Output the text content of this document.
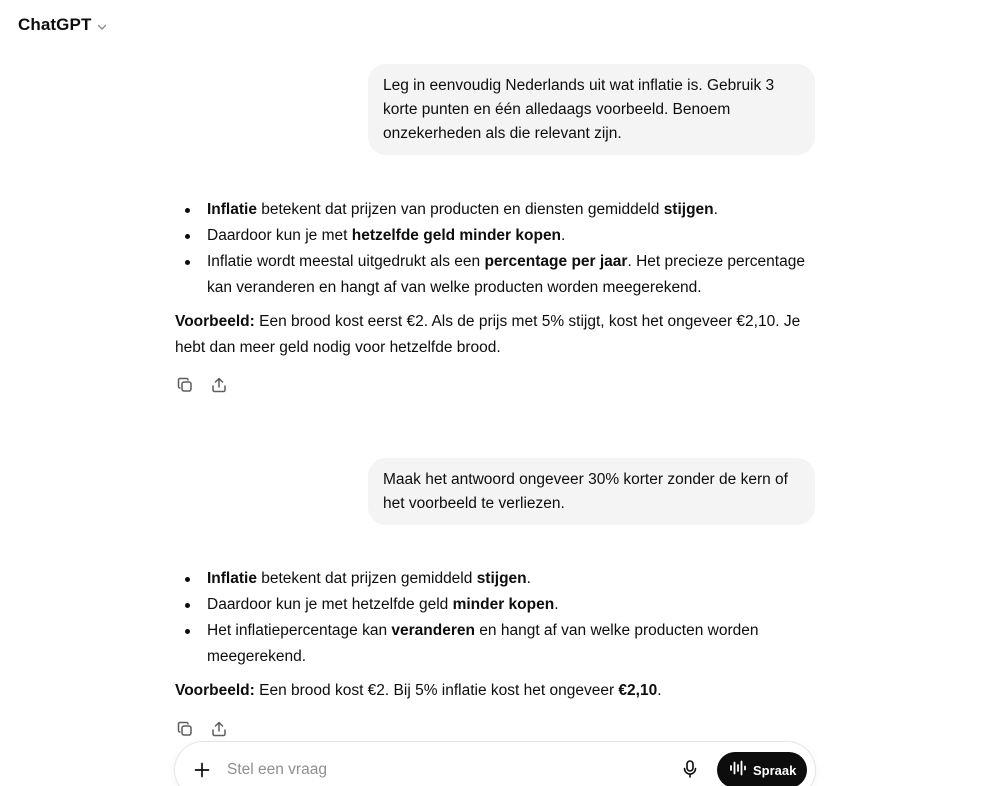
ChatGPT
Leg in eenvoudig Nederlands uit wat inflatie is. Gebruik 3 korte punten en één alledaags voorbeeld. Benoem onzekerheden als die relevant zijn.
Inflatie betekent dat prijzen van producten en diensten gemiddeld stijgen.
Daardoor kun je met hetzelfde geld minder kopen.
Inflatie wordt meestal uitgedrukt als een percentage per jaar. Het precieze percentage kan veranderen en hangt af van welke producten worden meegerekend.

Voorbeeld: Een brood kost eerst €2. Als de prijs met 5% stijgt, kost het ongeveer €2,10. Je hebt dan meer geld nodig voor hetzelfde brood.

Maak het antwoord ongeveer 30% korter zonder de kern of het voorbeeld te verliezen.
Inflatie betekent dat prijzen gemiddeld stijgen.
Daardoor kun je met hetzelfde geld minder kopen.
Het inflatiepercentage kan veranderen en hangt af van welke producten worden meegerekend.

Voorbeeld: Een brood kost €2. Bij 5% inflatie kost het ongeveer €2,10.

Stel een vraag
Spraak
